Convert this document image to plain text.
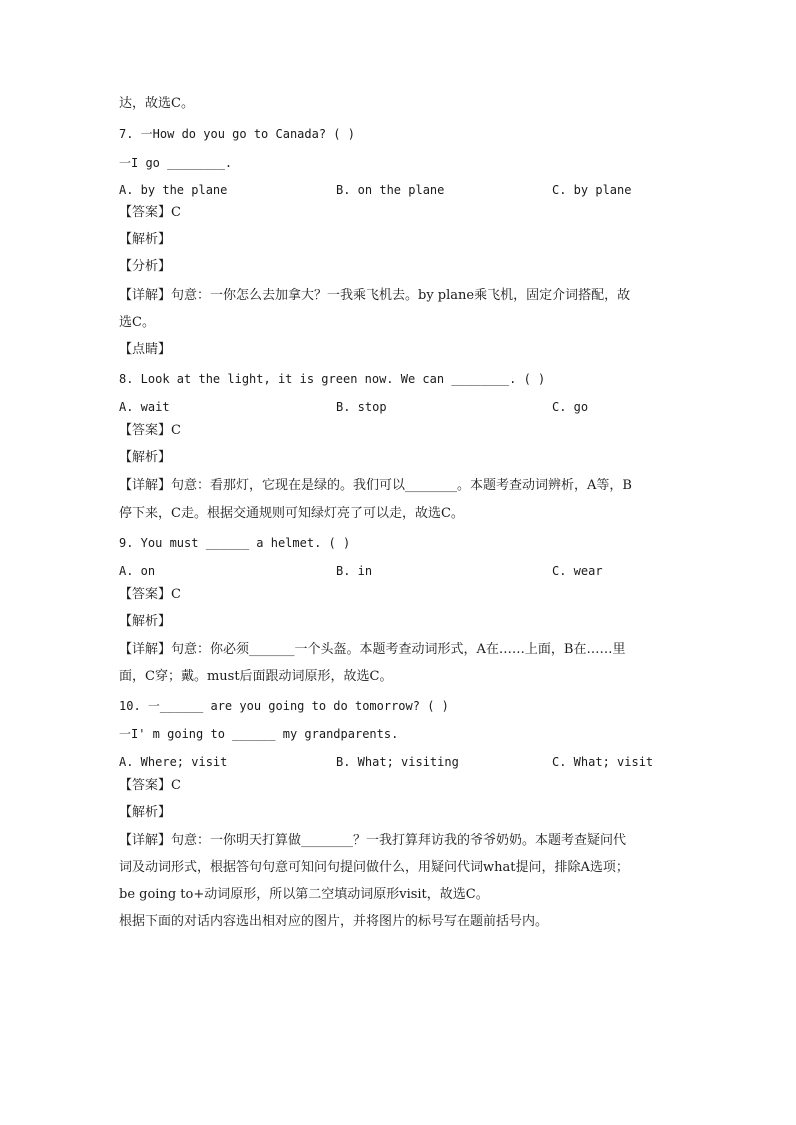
达，故选C。
7. 一How do you go to Canada? ( )
一I go ________.
A. by the plane	B. on the plane	C. by plane
【答案】C
【解析】
【分析】
【详解】句意：一你怎么去加拿大？一我乘飞机去。by plane乘飞机，固定介词搭配，故
选C。
【点睛】
8. Look at the light, it is green now. We can ________. ( )
A. wait	B. stop	C. go
【答案】C
【解析】
【详解】句意：看那灯，它现在是绿的。我们可以________。本题考查动词辨析，A等，B
停下来，C走。根据交通规则可知绿灯亮了可以走，故选C。
9. You must ______ a helmet. ( )
A. on	B. in	C. wear
【答案】C
【解析】
【详解】句意：你必须_______一个头盔。本题考查动词形式，A在……上面，B在……里
面，C穿；戴。must后面跟动词原形，故选C。
10. 一______ are you going to do tomorrow? ( )
一I' m going to ______ my grandparents.
A. Where; visit	B. What; visiting	C. What; visit
【答案】C
【解析】
【详解】句意：一你明天打算做________？一我打算拜访我的爷爷奶奶。本题考查疑问代
词及动词形式，根据答句句意可知问句提问做什么，用疑问代词what提问，排除A选项；
be going to+动词原形，所以第二空填动词原形visit，故选C。
根据下面的对话内容选出相对应的图片，并将图片的标号写在题前括号内。
